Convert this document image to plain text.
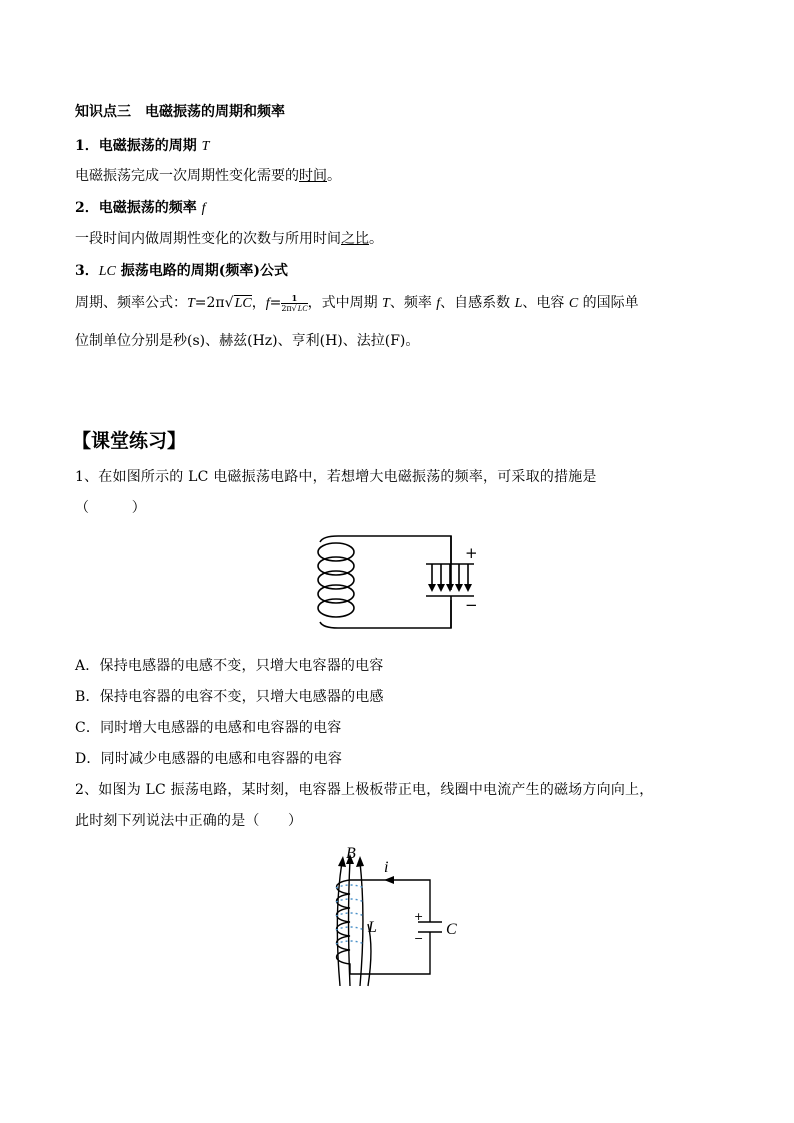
知识点三　电磁振荡的周期和频率
1．电磁振荡的周期 T
电磁振荡完成一次周期性变化需要的时间。
2．电磁振荡的频率 f
一段时间内做周期性变化的次数与所用时间之比。
3．LC 振荡电路的周期(频率)公式
周期、频率公式：T=2π√LC，$f= \frac{1}{2\pi√LC}$ ，式中周期 T、频率 f、自感系数 L、电容 C 的国际单
位制单位分别是秒(s)、赫兹(Hz)、亨利(H)、法拉(F)。
【课堂练习】
1、在如图所示的 LC 电磁振荡电路中，若想增大电磁振荡的频率，可采取的措施是
（　　　）
+
−
A．保持电感器的电感不变，只增大电容器的电容
B．保持电容器的电容不变，只增大电感器的电感
C．同时增大电感器的电感和电容器的电容
D．同时减少电感器的电感和电容器的电容
2、如图为 LC 振荡电路，某时刻，电容器上极板带正电，线圈中电流产生的磁场方向向上，
此时刻下列说法中正确的是（　　）
B
i
L	C
+
−
